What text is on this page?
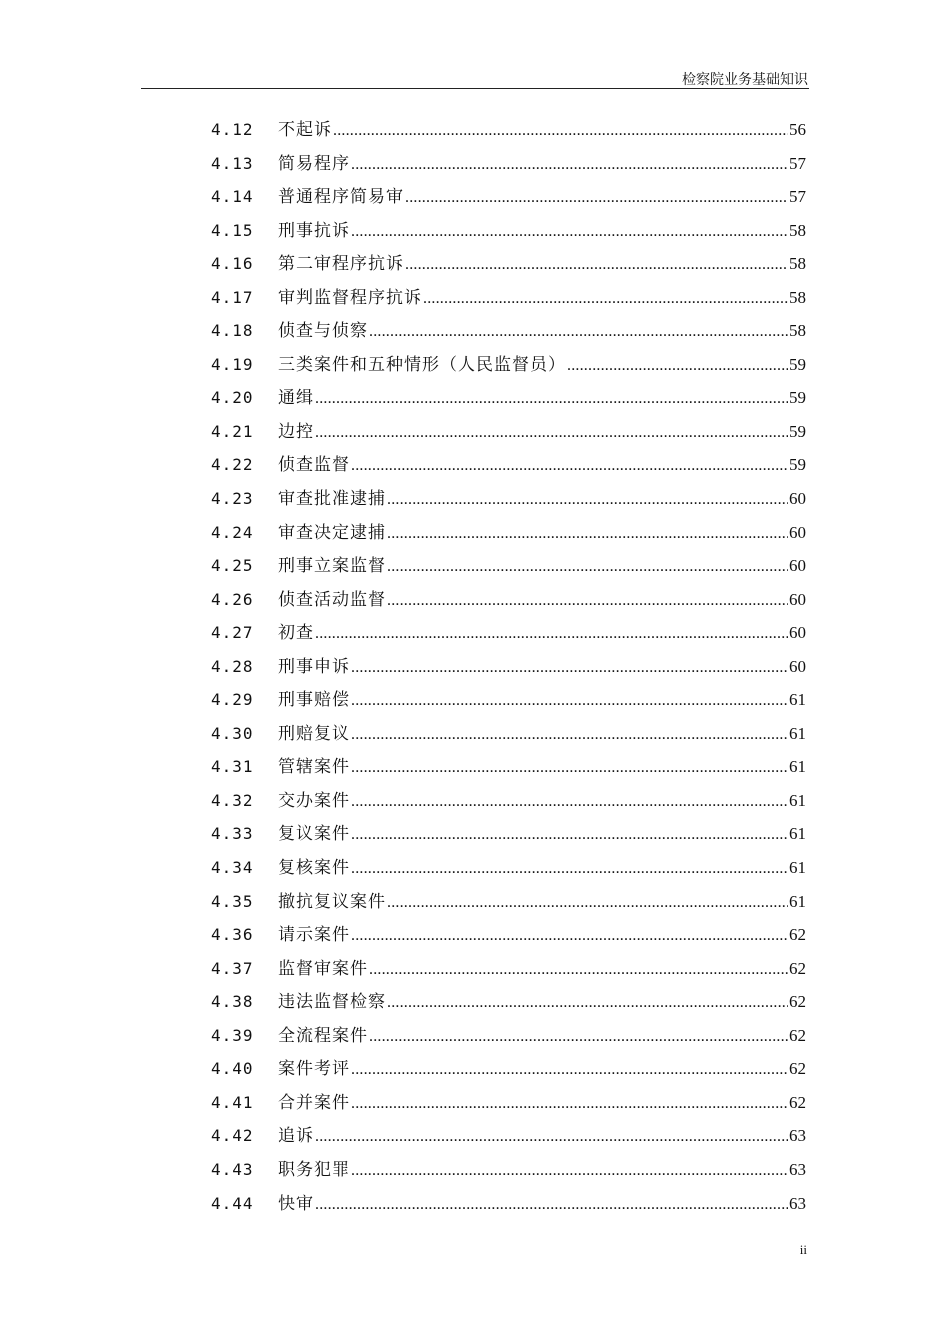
检察院业务基础知识
4.12 不起诉 .....	56
4.13 简易程序 .....	57
4.14 普通程序简易审 .....	57
4.15 刑事抗诉 .....	58
4.16 第二审程序抗诉 .....	58
4.17 审判监督程序抗诉 .....	58
4.18 侦查与侦察 .....	58
4.19 三类案件和五种情形（人民监督员） .....	59
4.20 通缉 .....	59
4.21 边控 .....	59
4.22 侦查监督 .....	59
4.23 审查批准逮捕 .....	60
4.24 审查决定逮捕 .....	60
4.25 刑事立案监督 .....	60
4.26 侦查活动监督 .....	60
4.27 初查 .....	60
4.28 刑事申诉 .....	60
4.29 刑事赔偿 .....	61
4.30 刑赔复议 .....	61
4.31 管辖案件 .....	61
4.32 交办案件 .....	61
4.33 复议案件 .....	61
4.34 复核案件 .....	61
4.35 撤抗复议案件 .....	61
4.36 请示案件 .....	62
4.37 监督审案件 .....	62
4.38 违法监督检察 .....	62
4.39 全流程案件 .....	62
4.40 案件考评 .....	62
4.41 合并案件 .....	62
4.42 追诉 .....	63
4.43 职务犯罪 .....	63
4.44 快审 .....	63
ii
